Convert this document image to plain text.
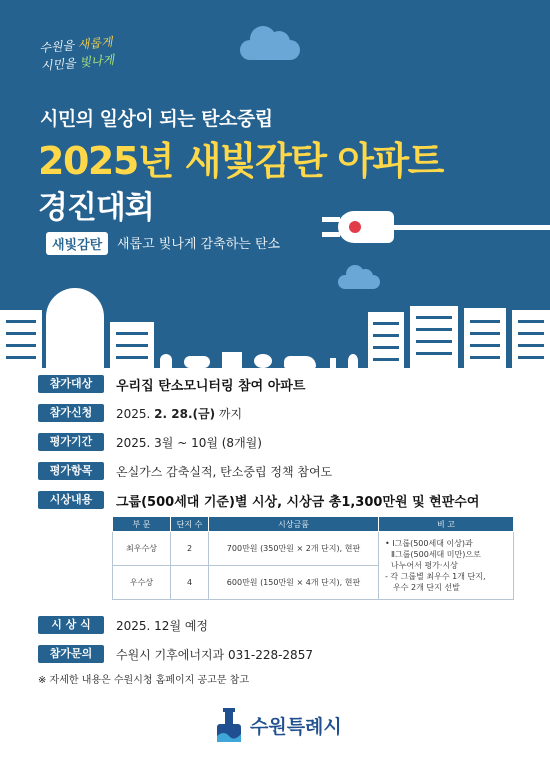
수원을 새롭게
시민을 빛나게
시민의 일상이 되는 탄소중립
2025년 새빛감탄 아파트
경진대회
새빛감탄	새롭고 빛나게 감축하는 탄소
참가대상	우리집 탄소모니터링 참여 아파트
참가신청	2025. 2. 28.(금) 까지
평가기간	2025. 3월 ~ 10월 (8개월)
평가항목	온실가스 감축실적, 탄소중립 정책 참여도
시상내용	그룹(500세대 기준)별 시상, 시상금 총1,300만원 및 현판수여
부 문	단지 수	시상금품	비 고
최우수상	2	700만원 (350만원 × 2개 단지), 현판	• Ⅰ그룹(500세대 이상)과
Ⅱ그룹(500세대 미만)으로
나누어서 평가·시상
- 각 그룹별 최우수 1개 단지,
우수 2개 단지 선발

우수상	4	600만원 (150만원 × 4개 단지), 현판	
시 상 식	2025. 12월 예정
참가문의	수원시 기후에너지과 031-228-2857
※ 자세한 내용은 수원시청 홈페이지 공고문 참고
수원특례시
